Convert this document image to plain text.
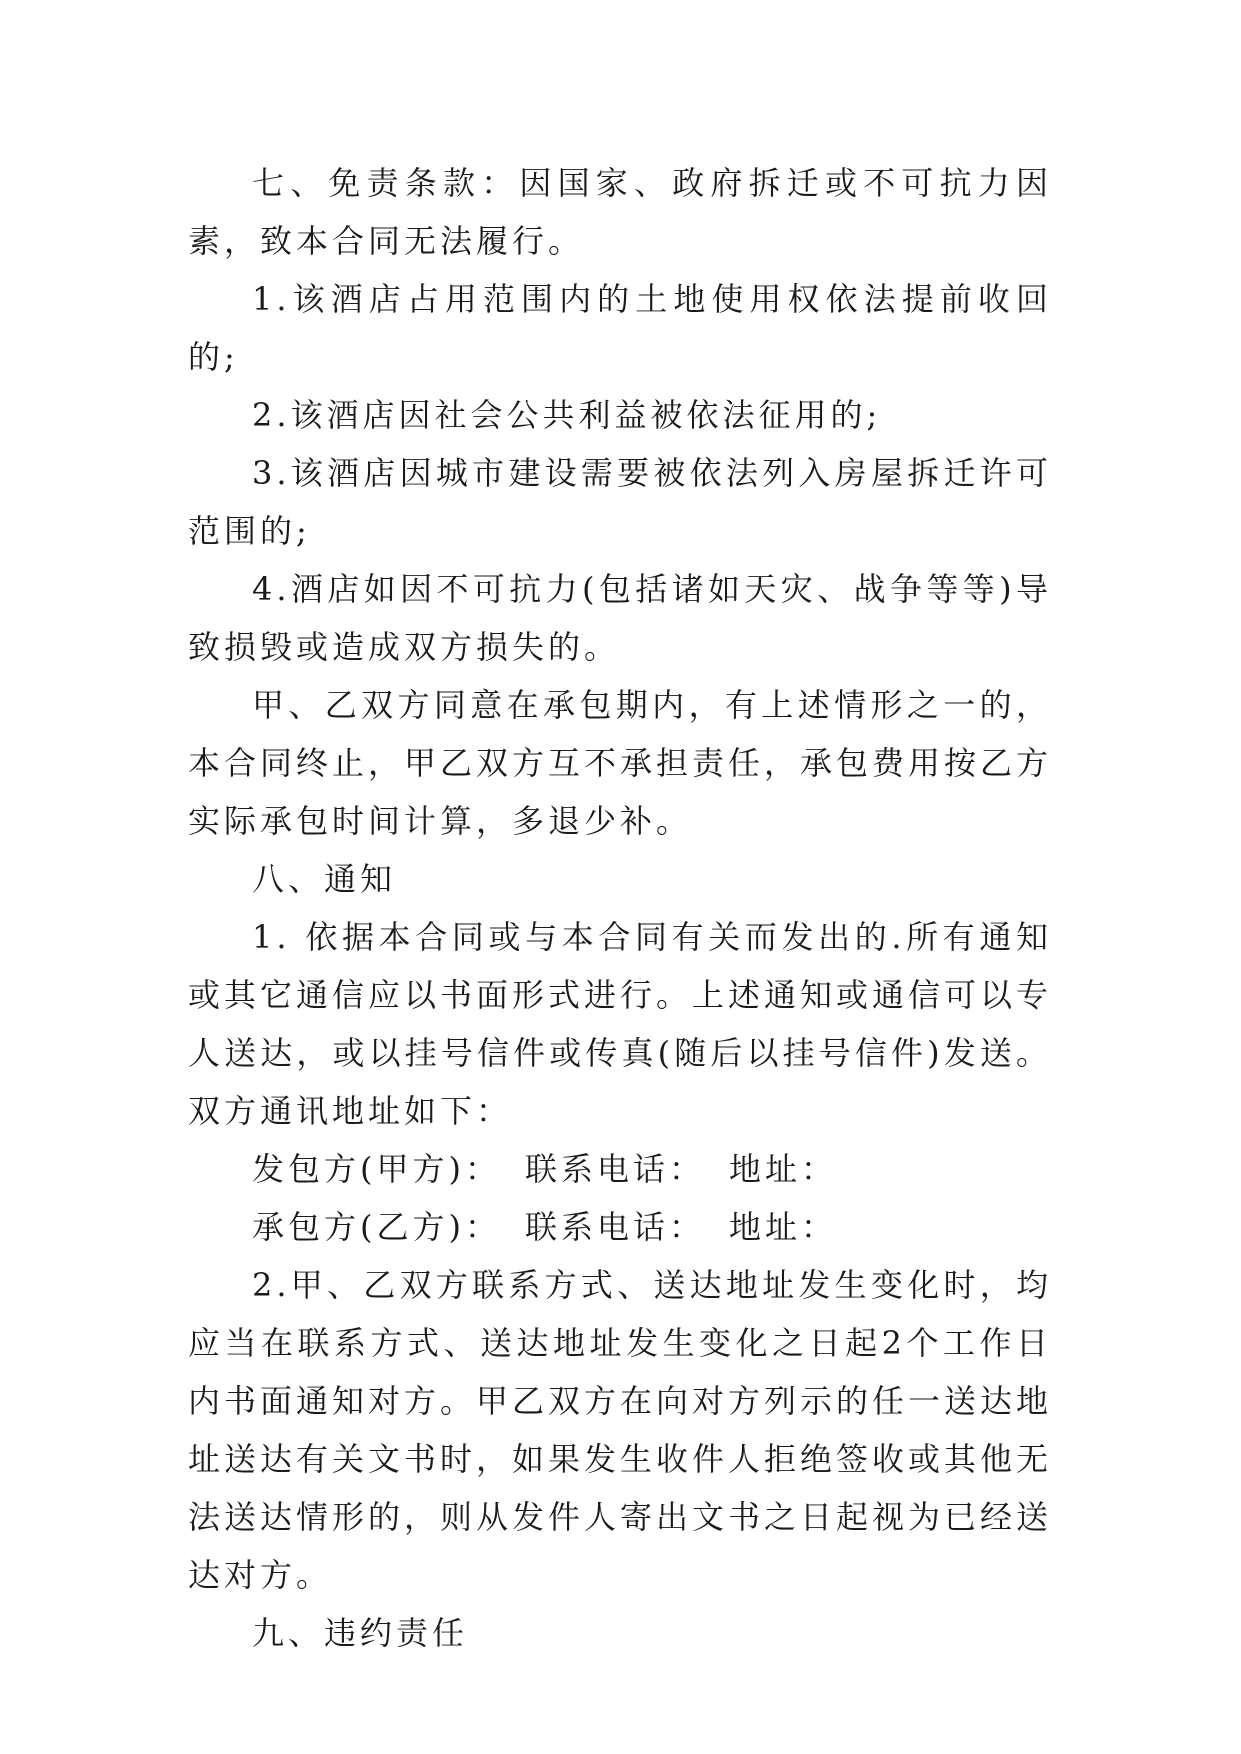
七、免责条款：因国家、政府拆迁或不可抗力因素，致本合同无法履行。

1.该酒店占用范围内的土地使用权依法提前收回的;

2.该酒店因社会公共利益被依法征用的;

3.该酒店因城市建设需要被依法列入房屋拆迁许可范围的;

4.酒店如因不可抗力(包括诸如天灾、战争等等)导致损毁或造成双方损失的。

甲、乙双方同意在承包期内，有上述情形之一的，本合同终止，甲乙双方互不承担责任，承包费用按乙方实际承包时间计算，多退少补。

八、通知

1. 依据本合同或与本合同有关而发出的.所有通知或其它通信应以书面形式进行。上述通知或通信可以专人送达，或以挂号信件或传真(随后以挂号信件)发送。双方通讯地址如下：

发包方(甲方)： 联系电话： 地址：

承包方(乙方)： 联系电话： 地址：

2.甲、乙双方联系方式、送达地址发生变化时，均应当在联系方式、送达地址发生变化之日起2个工作日内书面通知对方。甲乙双方在向对方列示的任一送达地址送达有关文书时，如果发生收件人拒绝签收或其他无法送达情形的，则从发件人寄出文书之日起视为已经送达对方。

九、违约责任
